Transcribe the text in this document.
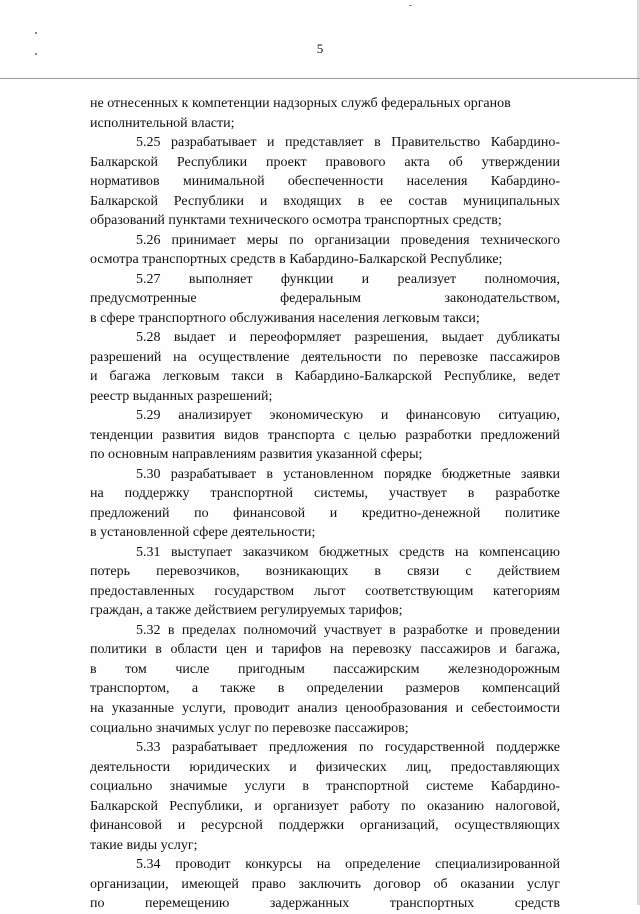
5
не отнесенных к компетенции надзорных служб федеральных органов
исполнительной власти;
5.25 разрабатывает и представляет в Правительство Кабардино-
Балкарской Республики проект правового акта об утверждении
нормативов минимальной обеспеченности населения Кабардино-
Балкарской Республики и входящих в ее состав муниципальных
образований пунктами технического осмотра транспортных средств;
5.26 принимает меры по организации проведения технического
осмотра транспортных средств в Кабардино-Балкарской Республике;
5.27 выполняет функции и реализует полномочия,
предусмотренные федеральным законодательством,
в сфере транспортного обслуживания населения легковым такси;
5.28 выдает и переоформляет разрешения, выдает дубликаты
разрешений на осуществление деятельности по перевозке пассажиров
и багажа легковым такси в Кабардино-Балкарской Республике, ведет
реестр выданных разрешений;
5.29 анализирует экономическую и финансовую ситуацию,
тенденции развития видов транспорта с целью разработки предложений
по основным направлениям развития указанной сферы;
5.30 разрабатывает в установленном порядке бюджетные заявки
на поддержку транспортной системы, участвует в разработке
предложений по финансовой и кредитно-денежной политике
в установленной сфере деятельности;
5.31 выступает заказчиком бюджетных средств на компенсацию
потерь перевозчиков, возникающих в связи с действием
предоставленных государством льгот соответствующим категориям
граждан, а также действием регулируемых тарифов;
5.32 в пределах полномочий участвует в разработке и проведении
политики в области цен и тарифов на перевозку пассажиров и багажа,
в том числе пригодным пассажирским железнодорожным
транспортом, а также в определении размеров компенсаций
на указанные услуги, проводит анализ ценообразования и себестоимости
социально значимых услуг по перевозке пассажиров;
5.33 разрабатывает предложения по государственной поддержке
деятельности юридических и физических лиц, предоставляющих
социально значимые услуги в транспортной системе Кабардино-
Балкарской Республики, и организует работу по оказанию налоговой,
финансовой и ресурсной поддержки организаций, осуществляющих
такие виды услуг;
5.34 проводит конкурсы на определение специализированной
организации, имеющей право заключить договор об оказании услуг
по перемещению задержанных транспортных средств
